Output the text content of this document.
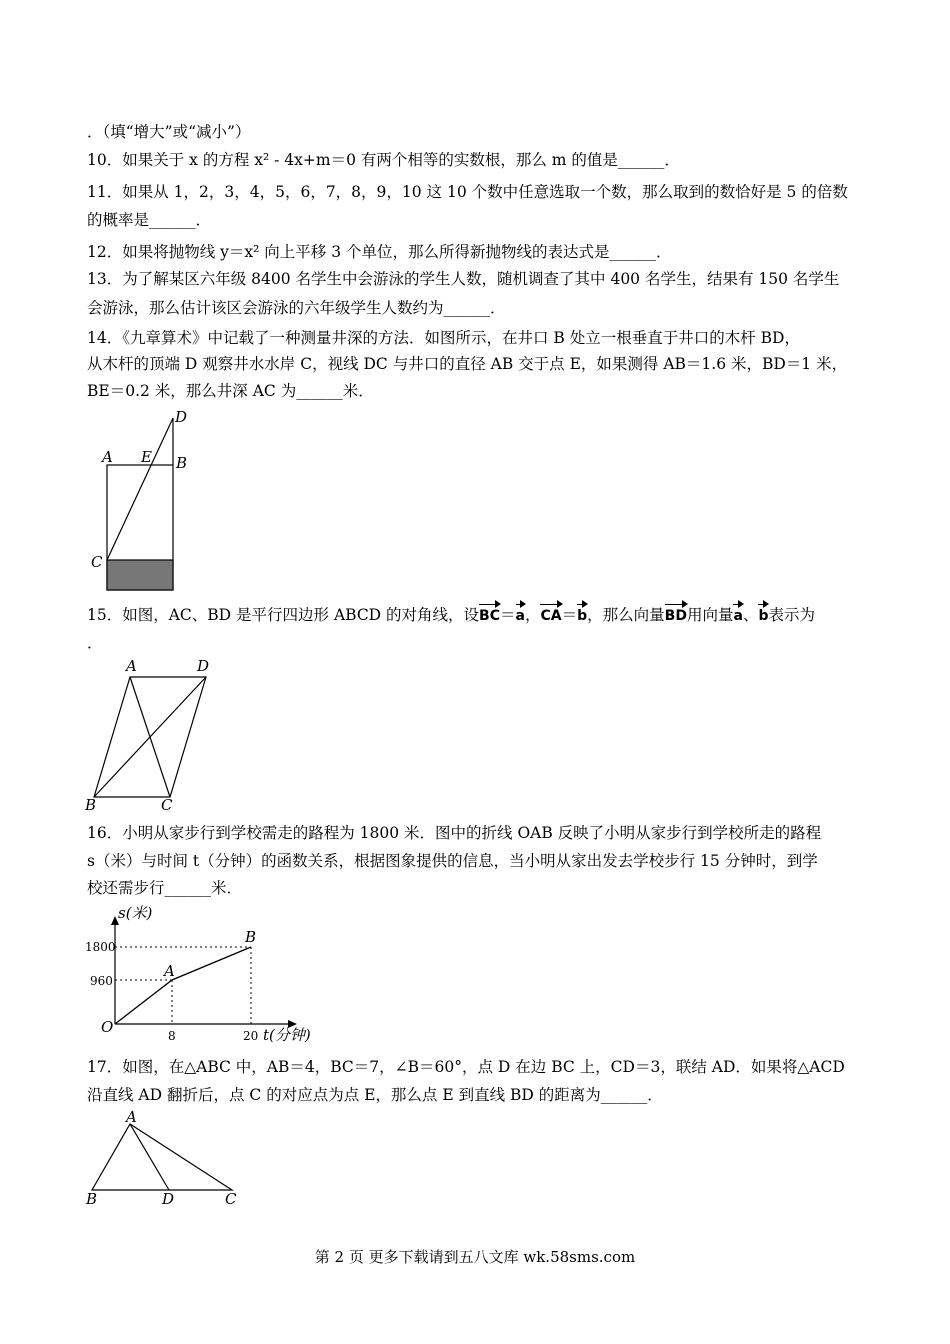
．（填“增大”或“减小”）
10．如果关于 x 的方程 x² - 4x+m＝0 有两个相等的实数根，那么 m 的值是______．
11．如果从 1，2，3，4，5，6，7，8，9，10 这 10 个数中任意选取一个数，那么取到的数恰好是 5 的倍数
的概率是______．
12．如果将抛物线 y＝x² 向上平移 3 个单位，那么所得新抛物线的表达式是______．
13．为了解某区六年级 8400 名学生中会游泳的学生人数，随机调查了其中 400 名学生，结果有 150 名学生
会游泳，那么估计该区会游泳的六年级学生人数约为______．
14．《九章算术》中记载了一种测量井深的方法．如图所示，在井口 B 处立一根垂直于井口的木杆 BD，
从木杆的顶端 D 观察井水水岸 C，视线 DC 与井口的直径 AB 交于点 E，如果测得 AB＝1.6 米，BD＝1 米，
BE＝0.2 米，那么井深 AC 为______米．
A E B
D
C
15．如图，AC、BD 是平行四边形 ABCD 的对角线，设BC＝a，CA＝b，那么向量BD用向量a、b表示为
．
A	D
B	C
16．小明从家步行到学校需走的路程为 1800 米．图中的折线 OAB 反映了小明从家步行到学校所走的路程
s（米）与时间 t（分钟）的函数关系，根据图象提供的信息，当小明从家出发去学校步行 15 分钟时，到学
校还需步行______米．
s(米)
t(分钟)
O
A
B
1800
960
8	20
17．如图，在△ABC 中，AB＝4，BC＝7，∠B＝60°，点 D 在边 BC 上，CD＝3，联结 AD．如果将△ACD
沿直线 AD 翻折后，点 C 的对应点为点 E，那么点 E 到直线 BD 的距离为______．
A
B	D	C
第 2 页 更多下载请到五八文库 wk.58sms.com
